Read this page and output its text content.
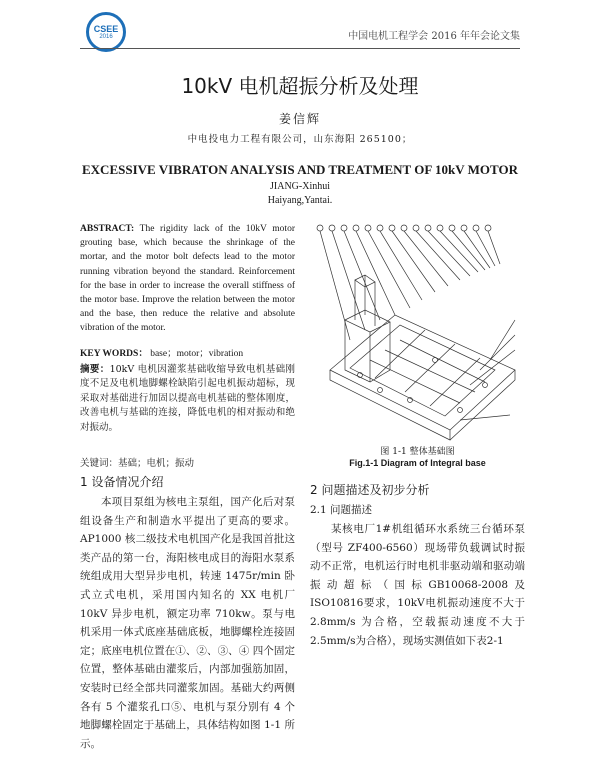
CSEE
2016	中国电机工程学会 2016 年年会论文集
10kV 电机超振分析及处理
姜信辉
中电投电力工程有限公司，山东海阳 265100；
EXCESSIVE VIBRATON ANALYSIS AND TREATMENT OF 10kV MOTOR
JIANG-Xinhui
Haiyang,Yantai.
ABSTRACT: The rigidity lack of the 10kV motor grouting base, which because the shrinkage of the mortar, and the motor bolt defects lead to the motor running vibration beyond the standard. Reinforcement for the base in order to increase the overall stiffness of the motor base. Improve the relation between the motor and the base, then reduce the relative and absolute vibration of the motor.
KEY WORDS： base；motor；vibration
摘要：10kV 电机因灌浆基础收缩导致电机基础刚度不足及电机地脚螺栓缺陷引起电机振动超标，现采取对基础进行加固以提高电机基础的整体刚度，改善电机与基础的连接，降低电机的相对振动和绝对振动。
关键词：基础；电机；振动
1 设备情况介绍
本项目泵组为核电主泵组，国产化后对泵组设备生产和制造水平提出了更高的要求。AP1000 核二级技术电机国产化是我国首批这类产品的第一台，海阳核电成目的海阳水泵系统组成用大型异步电机，转速 1475r/min 卧式立式电机，采用国内知名的 XX 电机厂10kV 异步电机，额定功率 710kw。泵与电机采用一体式底座基础底板，地脚螺栓连接固定；底座电机位置在①、②、③、④ 四个固定位置，整体基础由灌浆后，内部加强筋加固，安装时已经全部共同灌浆加固。基础大约两侧各有 5 个灌浆孔口⑤、电机与泵分别有 4 个地脚螺栓固定于基础上，具体结构如图 1-1 所示。
图 1-1 整体基础图
Fig.1-1 Diagram of Integral base
2 问题描述及初步分析
2.1 问题描述
某核电厂1#机组循环水系统三台循环泵（型号 ZF400-6560）现场带负载调试时振动不正常，电机运行时电机非驱动端和驱动端振动超标（国标GB10068-2008及ISO10816要求，10kV电机振动速度不大于2.8mm/s 为合格，空载振动速度不大于2.5mm/s为合格），现场实测值如下表2-1
